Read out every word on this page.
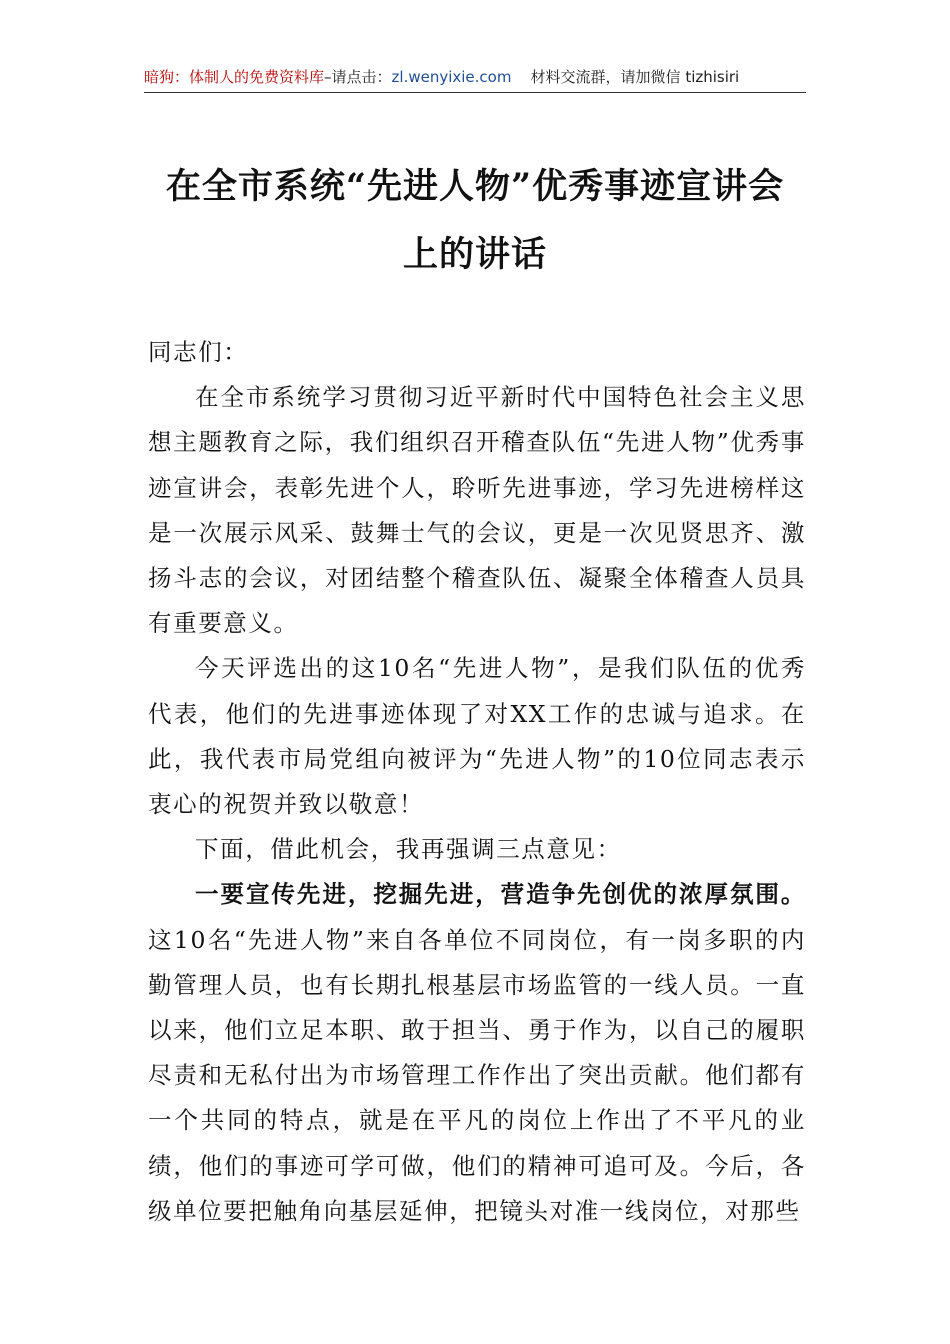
暗狗：体制人的免费资料库–请点击：zl.wenyixie.com 材料交流群，请加微信 tizhisiri
在全市系统“先进人物”优秀事迹宣讲会
上的讲话

同志们：

在全市系统学习贯彻习近平新时代中国特色社会主义思想主题教育之际，我们组织召开稽查队伍“先进人物”优秀事迹宣讲会，表彰先进个人，聆听先进事迹，学习先进榜样这是一次展示风采、鼓舞士气的会议，更是一次见贤思齐、激扬斗志的会议，对团结整个稽查队伍、凝聚全体稽查人员具有重要意义。

今天评选出的这10名“先进人物”，是我们队伍的优秀代表，他们的先进事迹体现了对XX工作的忠诚与追求。在此，我代表市局党组向被评为“先进人物”的10位同志表示衷心的祝贺并致以敬意！

下面，借此机会，我再强调三点意见：

一要宣传先进，挖掘先进，营造争先创优的浓厚氛围。这10名“先进人物”来自各单位不同岗位，有一岗多职的内勤管理人员，也有长期扎根基层市场监管的一线人员。一直以来，他们立足本职、敢于担当、勇于作为，以自己的履职尽责和无私付出为市场管理工作作出了突出贡献。他们都有一个共同的特点，就是在平凡的岗位上作出了不平凡的业绩，他们的事迹可学可做，他们的精神可追可及。今后，各级单位要把触角向基层延伸，把镜头对准一线岗位，对那些
